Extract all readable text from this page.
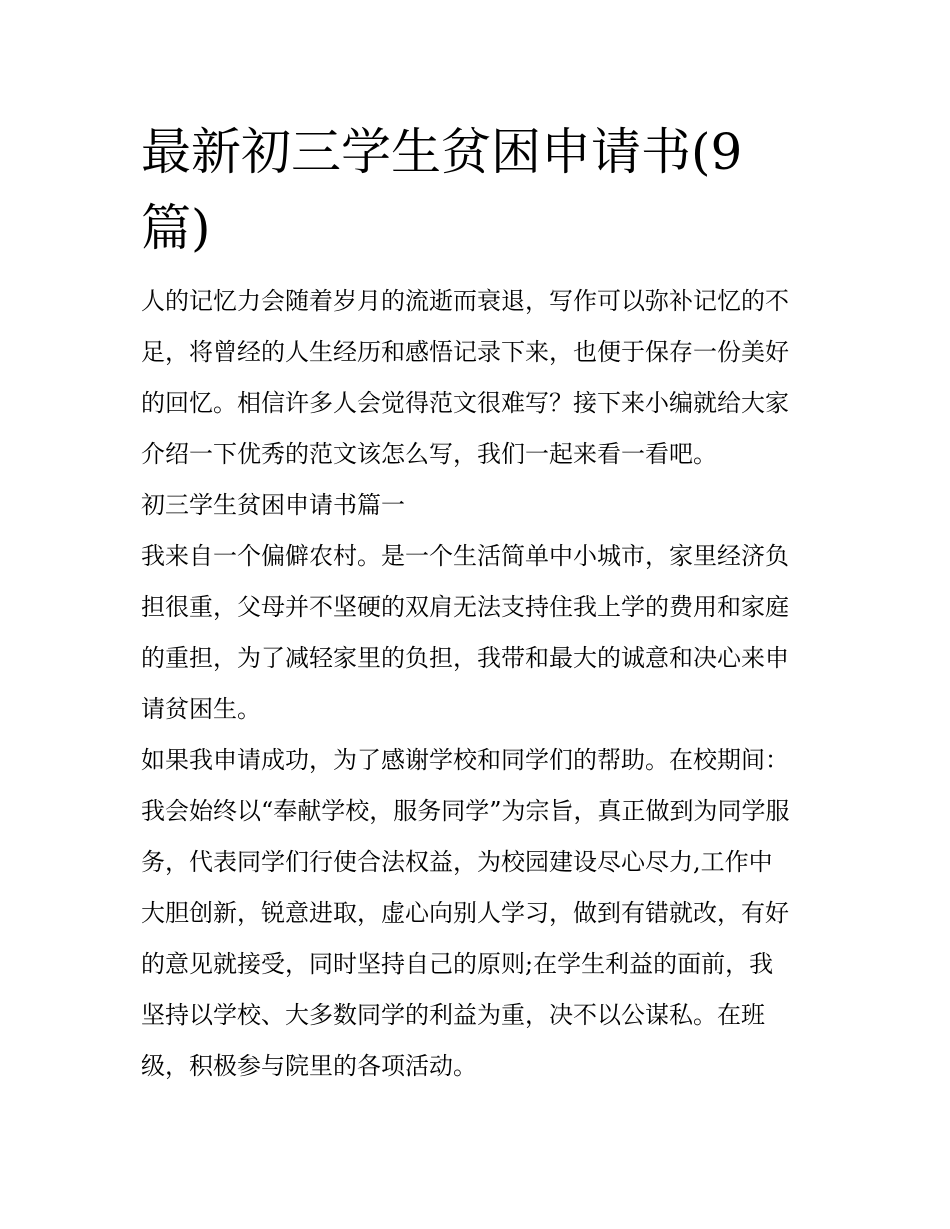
最新初三学生贫困申请书(9
篇)
人的记忆力会随着岁月的流逝而衰退，写作可以弥补记忆的不
足，将曾经的人生经历和感悟记录下来，也便于保存一份美好
的回忆。相信许多人会觉得范文很难写？接下来小编就给大家
介绍一下优秀的范文该怎么写，我们一起来看一看吧。
初三学生贫困申请书篇一
我来自一个偏僻农村。是一个生活简单中小城市，家里经济负
担很重，父母并不坚硬的双肩无法支持住我上学的费用和家庭
的重担，为了减轻家里的负担，我带和最大的诚意和决心来申
请贫困生。
如果我申请成功，为了感谢学校和同学们的帮助。在校期间：
我会始终以“奉献学校，服务同学”为宗旨，真正做到为同学服
务，代表同学们行使合法权益，为校园建设尽心尽力,工作中
大胆创新，锐意进取，虚心向别人学习，做到有错就改，有好
的意见就接受，同时坚持自己的原则;在学生利益的面前，我
坚持以学校、大多数同学的利益为重，决不以公谋私。在班
级，积极参与院里的各项活动。
